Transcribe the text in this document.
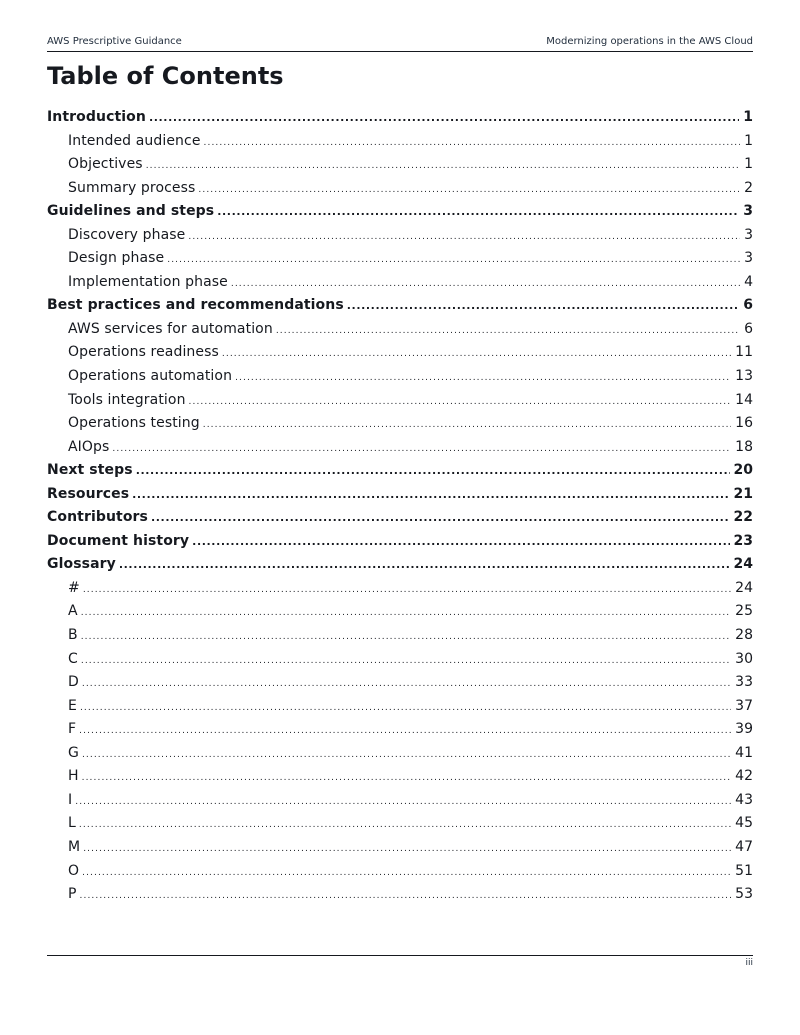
AWS Prescriptive Guidance	Modernizing operations in the AWS Cloud
Table of Contents
Introduction .....	1
Intended audience .....	1
Objectives .....	1
Summary process .....	2
Guidelines and steps .....	3
Discovery phase .....	3
Design phase .....	3
Implementation phase .....	4
Best practices and recommendations .....	6
AWS services for automation .....	6
Operations readiness .....	11
Operations automation .....	13
Tools integration .....	14
Operations testing .....	16
AIOps .....	18
Next steps .....	20
Resources .....	21
Contributors .....	22
Document history .....	23
Glossary .....	24
# .....	24
A .....	25
B .....	28
C .....	30
D .....	33
E .....	37
F .....	39
G .....	41
H .....	42
I .....	43
L .....	45
M .....	47
O .....	51
P .....	53
iii
